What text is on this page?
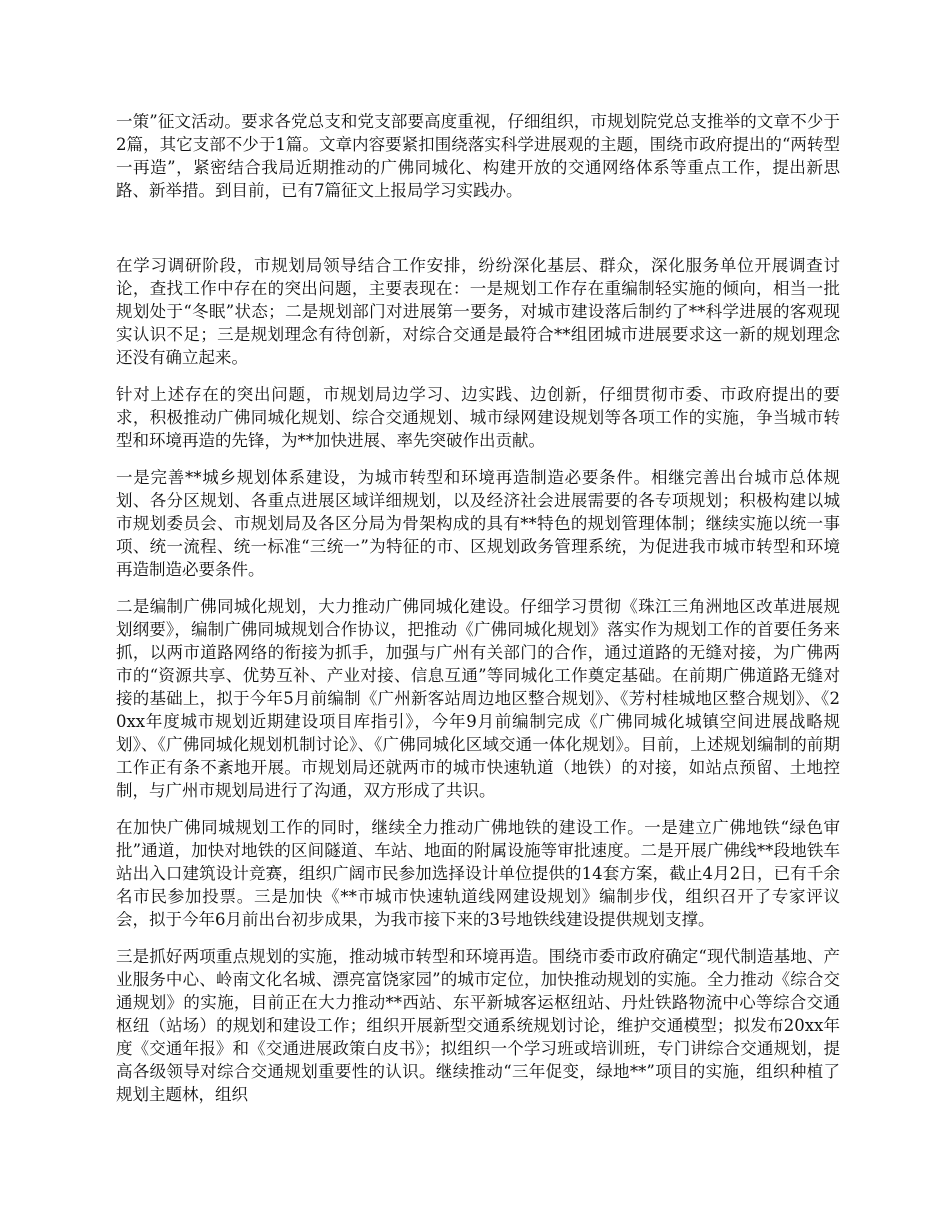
一策”征文活动。要求各党总支和党支部要高度重视，仔细组织，市规划院党总支推举的文章不少于2篇，其它支部不少于1篇。文章内容要紧扣围绕落实科学进展观的主题，围绕市政府提出的“两转型一再造”，紧密结合我局近期推动的广佛同城化、构建开放的交通网络体系等重点工作，提出新思路、新举措。到目前，已有7篇征文上报局学习实践办。

在学习调研阶段，市规划局领导结合工作安排，纷纷深化基层、群众，深化服务单位开展调查讨论，查找工作中存在的突出问题，主要表现在：一是规划工作存在重编制轻实施的倾向，相当一批规划处于“冬眠”状态；二是规划部门对进展第一要务，对城市建设落后制约了**科学进展的客观现实认识不足；三是规划理念有待创新，对综合交通是最符合**组团城市进展要求这一新的规划理念还没有确立起来。

针对上述存在的突出问题，市规划局边学习、边实践、边创新，仔细贯彻市委、市政府提出的要求，积极推动广佛同城化规划、综合交通规划、城市绿网建设规划等各项工作的实施，争当城市转型和环境再造的先锋，为**加快进展、率先突破作出贡献。

一是完善**城乡规划体系建设，为城市转型和环境再造制造必要条件。相继完善出台城市总体规划、各分区规划、各重点进展区域详细规划，以及经济社会进展需要的各专项规划；积极构建以城市规划委员会、市规划局及各区分局为骨架构成的具有**特色的规划管理体制；继续实施以统一事项、统一流程、统一标准“三统一”为特征的市、区规划政务管理系统，为促进我市城市转型和环境再造制造必要条件。

二是编制广佛同城化规划，大力推动广佛同城化建设。仔细学习贯彻《珠江三角洲地区改革进展规划纲要》，编制广佛同城规划合作协议，把推动《广佛同城化规划》落实作为规划工作的首要任务来抓，以两市道路网络的衔接为抓手，加强与广州有关部门的合作，通过道路的无缝对接，为广佛两市的“资源共享、优势互补、产业对接、信息互通”等同城化工作奠定基础。在前期广佛道路无缝对接的基础上，拟于今年5月前编制《广州新客站周边地区整合规划》、《芳村桂城地区整合规划》、《20xx年度城市规划近期建设项目库指引》，今年9月前编制完成《广佛同城化城镇空间进展战略规划》、《广佛同城化规划机制讨论》、《广佛同城化区域交通一体化规划》。目前，上述规划编制的前期工作正有条不紊地开展。市规划局还就两市的城市快速轨道（地铁）的对接，如站点预留、土地控制，与广州市规划局进行了沟通，双方形成了共识。

在加快广佛同城规划工作的同时，继续全力推动广佛地铁的建设工作。一是建立广佛地铁“绿色审批”通道，加快对地铁的区间隧道、车站、地面的附属设施等审批速度。二是开展广佛线**段地铁车站出入口建筑设计竞赛，组织广阔市民参加选择设计单位提供的14套方案，截止4月2日，已有千余名市民参加投票。三是加快《**市城市快速轨道线网建设规划》编制步伐，组织召开了专家评议会，拟于今年6月前出台初步成果，为我市接下来的3号地铁线建设提供规划支撑。

三是抓好两项重点规划的实施，推动城市转型和环境再造。围绕市委市政府确定“现代制造基地、产业服务中心、岭南文化名城、漂亮富饶家园”的城市定位，加快推动规划的实施。全力推动《综合交通规划》的实施，目前正在大力推动**西站、东平新城客运枢纽站、丹灶铁路物流中心等综合交通枢纽（站场）的规划和建设工作；组织开展新型交通系统规划讨论，维护交通模型；拟发布20xx年度《交通年报》和《交通进展政策白皮书》；拟组织一个学习班或培训班，专门讲综合交通规划，提高各级领导对综合交通规划重要性的认识。继续推动“三年促变，绿地**”项目的实施，组织种植了规划主题林，组织
